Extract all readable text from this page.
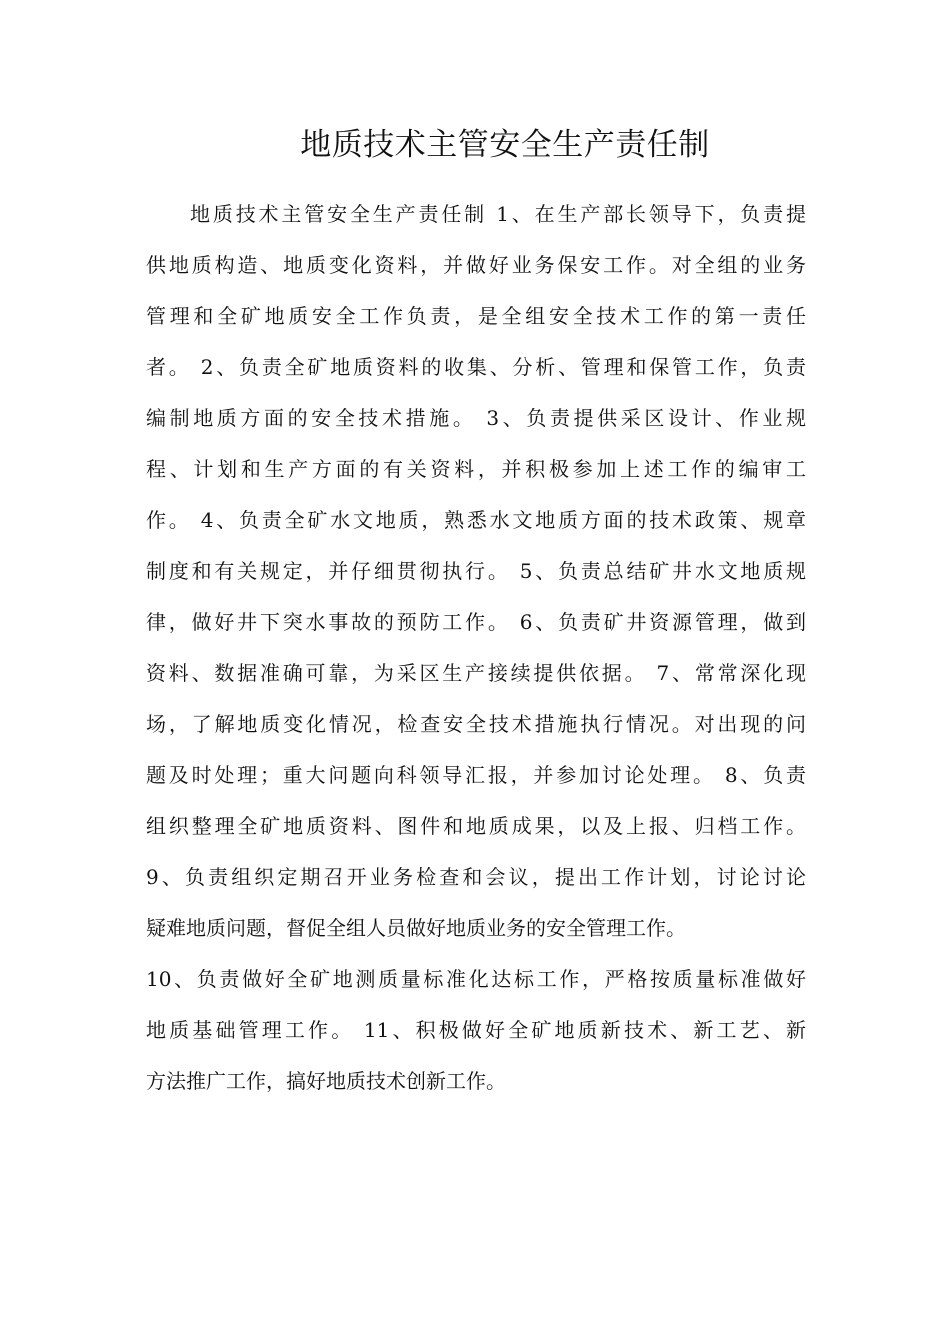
地质技术主管安全生产责任制
地质技术主管安全生产责任制 1、在生产部长领导下，负责提
供地质构造、地质变化资料，并做好业务保安工作。对全组的业务
管理和全矿地质安全工作负责，是全组安全技术工作的第一责任
者。 2、负责全矿地质资料的收集、分析、管理和保管工作，负责
编制地质方面的安全技术措施。 3、负责提供采区设计、作业规
程、计划和生产方面的有关资料，并积极参加上述工作的编审工
作。 4、负责全矿水文地质，熟悉水文地质方面的技术政策、规章
制度和有关规定，并仔细贯彻执行。 5、负责总结矿井水文地质规
律，做好井下突水事故的预防工作。 6、负责矿井资源管理，做到
资料、数据准确可靠，为采区生产接续提供依据。 7、常常深化现
场，了解地质变化情况，检查安全技术措施执行情况。对出现的问
题及时处理；重大问题向科领导汇报，并参加讨论处理。 8、负责
组织整理全矿地质资料、图件和地质成果，以及上报、归档工作。
9、负责组织定期召开业务检查和会议，提出工作计划，讨论讨论
疑难地质问题，督促全组人员做好地质业务的安全管理工作。
10、负责做好全矿地测质量标准化达标工作，严格按质量标准做好
地质基础管理工作。 11、积极做好全矿地质新技术、新工艺、新
方法推广工作，搞好地质技术创新工作。
